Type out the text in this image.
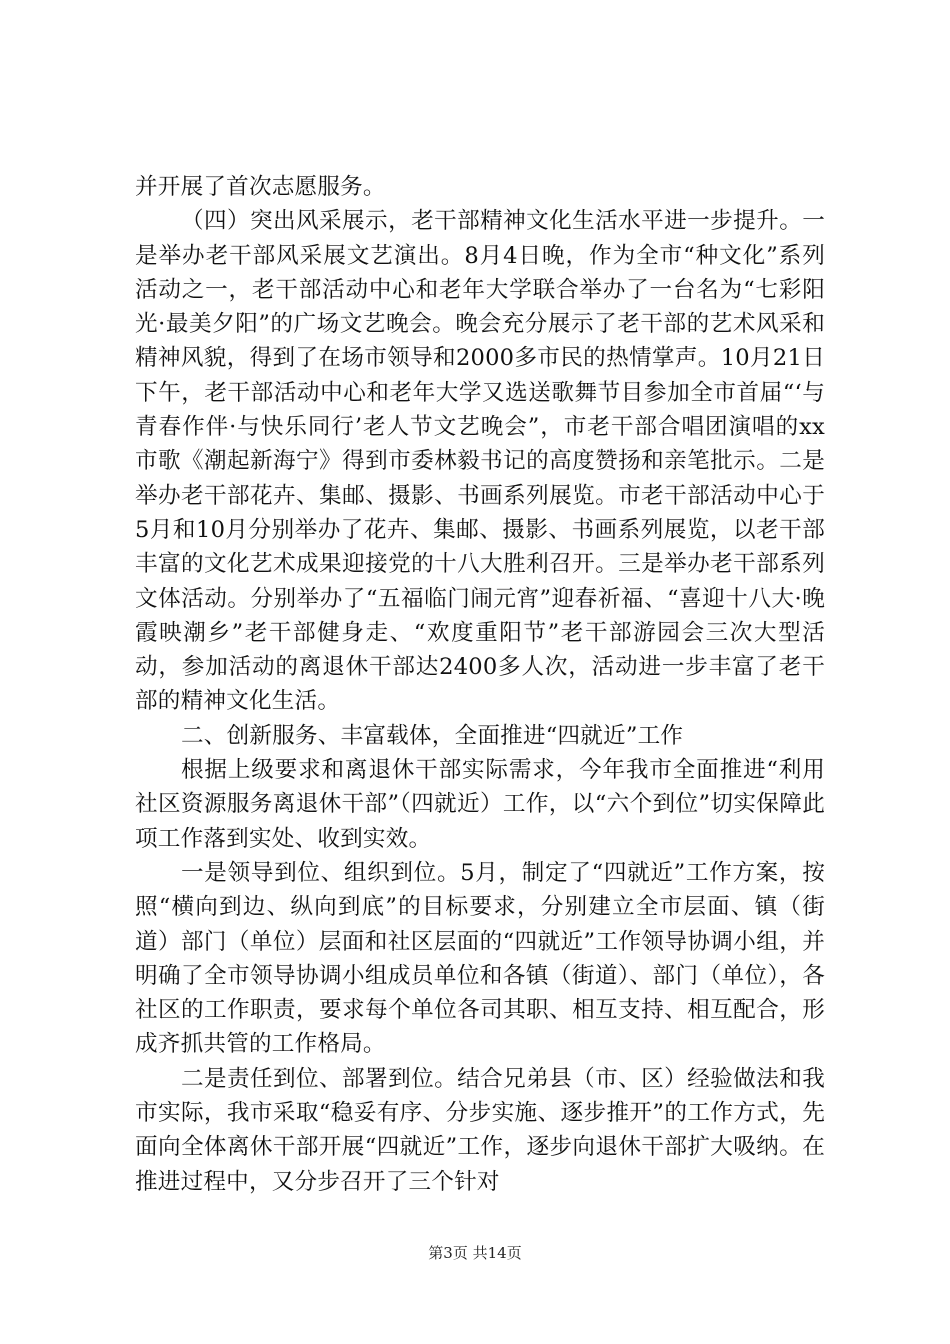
并开展了首次志愿服务。

（四）突出风采展示，老干部精神文化生活水平进一步提升。一是举办老干部风采展文艺演出。8月4日晚，作为全市“种文化”系列活动之一，老干部活动中心和老年大学联合举办了一台名为“七彩阳光·最美夕阳”的广场文艺晚会。晚会充分展示了老干部的艺术风采和精神风貌，得到了在场市领导和2000多市民的热情掌声。10月21日下午，老干部活动中心和老年大学又选送歌舞节目参加全市首届“‘与青春作伴·与快乐同行’老人节文艺晚会”，市老干部合唱团演唱的xx市歌《潮起新海宁》得到市委林毅书记的高度赞扬和亲笔批示。二是举办老干部花卉、集邮、摄影、书画系列展览。市老干部活动中心于5月和10月分别举办了花卉、集邮、摄影、书画系列展览，以老干部丰富的文化艺术成果迎接党的十八大胜利召开。三是举办老干部系列文体活动。分别举办了“五福临门闹元宵”迎春祈福、“喜迎十八大·晚霞映潮乡”老干部健身走、“欢度重阳节”老干部游园会三次大型活动，参加活动的离退休干部达2400多人次，活动进一步丰富了老干部的精神文化生活。

二、创新服务、丰富载体，全面推进“四就近”工作

根据上级要求和离退休干部实际需求，今年我市全面推进“利用社区资源服务离退休干部”（四就近）工作，以“六个到位”切实保障此项工作落到实处、收到实效。

一是领导到位、组织到位。5月，制定了“四就近”工作方案，按照“横向到边、纵向到底”的目标要求，分别建立全市层面、镇（街道）部门（单位）层面和社区层面的“四就近”工作领导协调小组，并明确了全市领导协调小组成员单位和各镇（街道）、部门（单位），各社区的工作职责，要求每个单位各司其职、相互支持、相互配合，形成齐抓共管的工作格局。

二是责任到位、部署到位。结合兄弟县（市、区）经验做法和我市实际，我市采取“稳妥有序、分步实施、逐步推开”的工作方式，先面向全体离休干部开展“四就近”工作，逐步向退休干部扩大吸纳。在推进过程中，又分步召开了三个针对

第3页 共14页
